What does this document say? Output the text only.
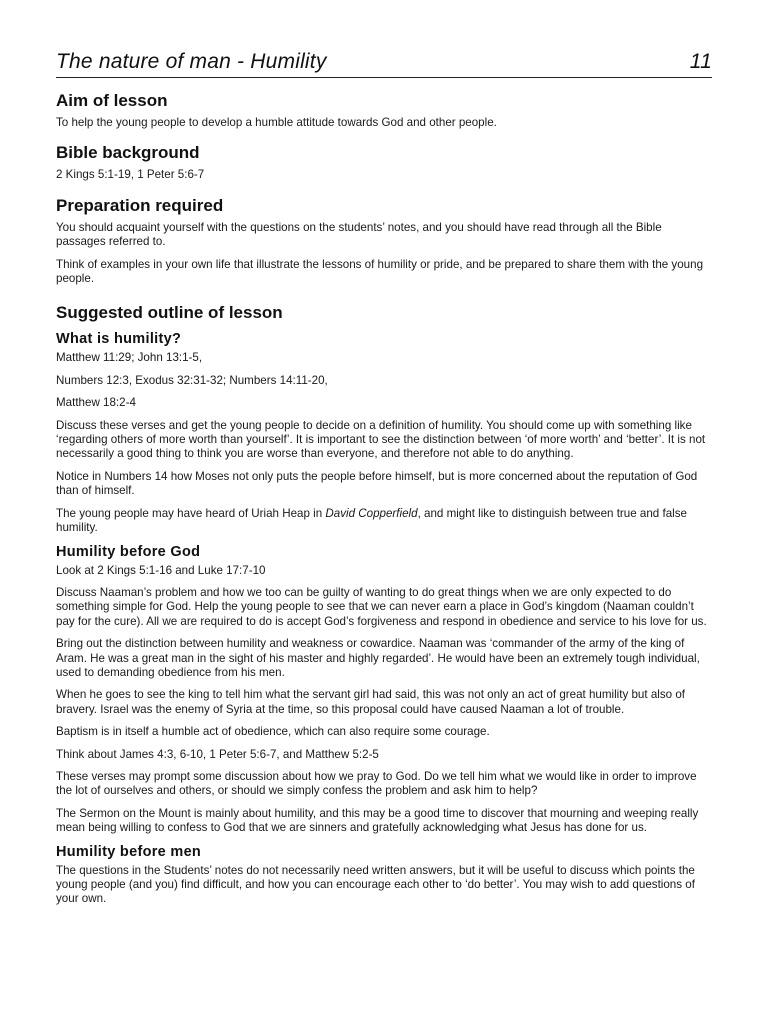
The nature of man - Humility	11
Aim of lesson

To help the young people to develop a humble attitude towards God and other people.

Bible background

2 Kings 5:1-19, 1 Peter 5:6-7

Preparation required

You should acquaint yourself with the questions on the students’ notes, and you should have read through all the Bible passages referred to.

Think of examples in your own life that illustrate the lessons of humility or pride, and be prepared to share them with the young people.

Suggested outline of lesson
What is humility?

Matthew 11:29; John 13:1-5,

Numbers 12:3, Exodus 32:31-32; Numbers 14:11-20,

Matthew 18:2-4

Discuss these verses and get the young people to decide on a definition of humility. You should come up with something like ‘regarding others of more worth than yourself’. It is important to see the distinction between ‘of more worth’ and ‘better’. It is not necessarily a good thing to think you are worse than everyone, and therefore not able to do anything.

Notice in Numbers 14 how Moses not only puts the people before himself, but is more concerned about the reputation of God than of himself.

The young people may have heard of Uriah Heap in David Copperfield, and might like to distinguish between true and false humility.

Humility before God

Look at 2 Kings 5:1-16 and Luke 17:7-10

Discuss Naaman’s problem and how we too can be guilty of wanting to do great things when we are only expected to do something simple for God. Help the young people to see that we can never earn a place in God’s kingdom (Naaman couldn’t pay for the cure). All we are required to do is accept God’s forgiveness and respond in obedience and service to his love for us.

Bring out the distinction between humility and weakness or cowardice. Naaman was ‘commander of the army of the king of Aram. He was a great man in the sight of his master and highly regarded’. He would have been an extremely tough individual, used to demanding obedience from his men.

When he goes to see the king to tell him what the servant girl had said, this was not only an act of great humility but also of bravery. Israel was the enemy of Syria at the time, so this proposal could have caused Naaman a lot of trouble.

Baptism is in itself a humble act of obedience, which can also require some courage.

Think about James 4:3, 6-10, 1 Peter 5:6-7, and Matthew 5:2-5

These verses may prompt some discussion about how we pray to God. Do we tell him what we would like in order to improve the lot of ourselves and others, or should we simply confess the problem and ask him to help?

The Sermon on the Mount is mainly about humility, and this may be a good time to discover that mourning and weeping really mean being willing to confess to God that we are sinners and gratefully acknowledging what Jesus has done for us.

Humility before men

The questions in the Students’ notes do not necessarily need written answers, but it will be useful to discuss which points the young people (and you) find difficult, and how you can encourage each other to ‘do better’. You may wish to add questions of your own.
